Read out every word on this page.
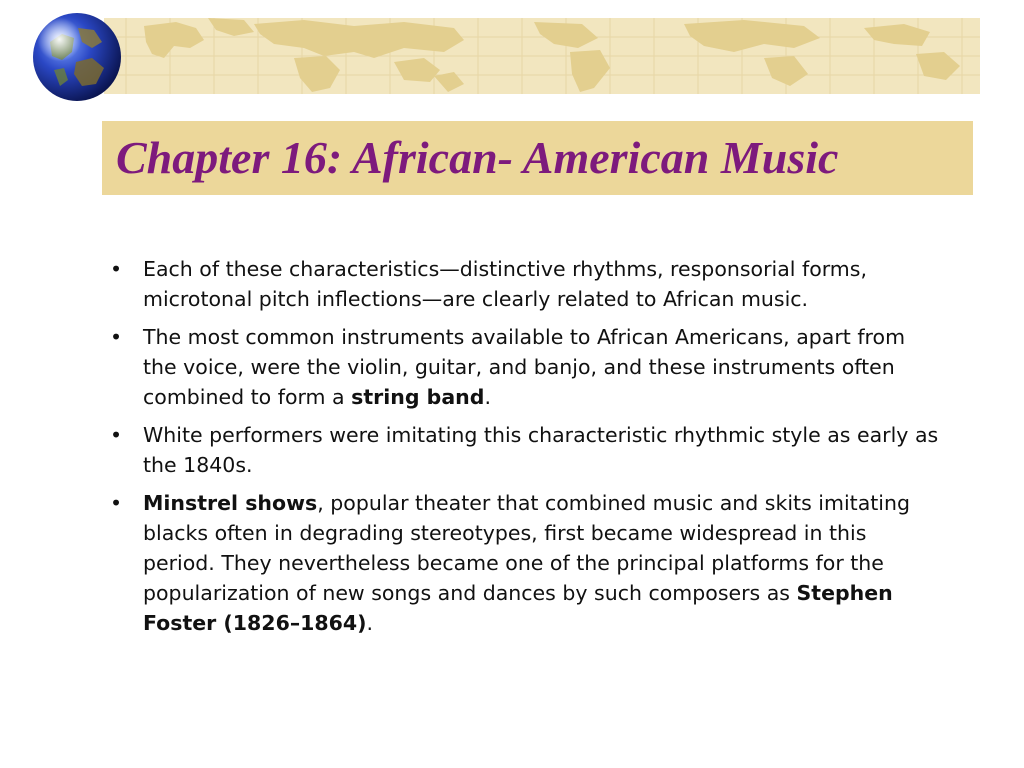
Chapter 16: African- American Music
• Each of these characteristics—distinctive rhythms, responsorial forms, microtonal pitch inflections—are clearly related to African music.
• The most common instruments available to African Americans, apart from the voice, were the violin, guitar, and banjo, and these instruments often combined to form a string band.
• White performers were imitating this characteristic rhythmic style as early as the 1840s.
• Minstrel shows, popular theater that combined music and skits imitating blacks often in degrading stereotypes, first became widespread in this period. They nevertheless became one of the principal platforms for the popularization of new songs and dances by such composers as Stephen Foster (1826–1864).
